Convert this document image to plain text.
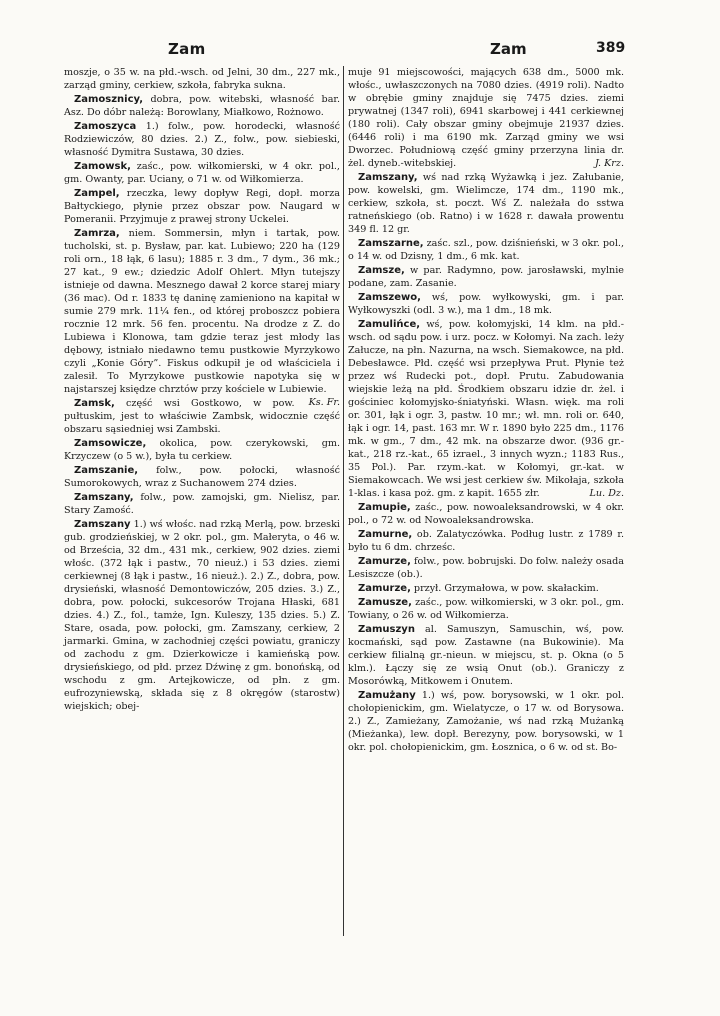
Zam	Zam	389

moszje, o 35 w. na płd.-wsch. od Jelni, 30 dm., 227 mk., zarząd gminy, cerkiew, szkoła, fabryka sukna.

Zamosznicy, dobra, pow. witebski, własność bar. Asz. Do dóbr należą: Borowlany, Miałkowo, Rożnowo.

Zamoszyca 1.) folw., pow. horodecki, własność Rodziewiczów, 80 dzies. 2.) Z., folw., pow. siebieski, własność Dymitra Sustawa, 30 dzies.

Zamowsk, zaśc., pow. wiłkomierski, w 4 okr. pol., gm. Owanty, par. Uciany, o 71 w. od Wiłkomierza.

Zampel, rzeczka, lewy dopływ Regi, dopł. morza Bałtyckiego, płynie przez obszar pow. Naugard w Pomeranii. Przyjmuje z prawej strony Uckelei.

Zamrza, niem. Sommersin, młyn i tartak, pow. tucholski, st. p. Bysław, par. kat. Lubiewo; 220 ha (129 roli orn., 18 łąk, 6 lasu); 1885 r. 3 dm., 7 dym., 36 mk.; 27 kat., 9 ew.; dziedzic Adolf Ohlert. Młyn tutejszy istnieje od dawna. Mesznego dawał 2 korce starej miary (36 mac). Od r. 1833 tę daninę zamieniono na kapitał w sumie 279 mrk. 11¼ fen., od której proboszcz pobiera rocznie 12 mrk. 56 fen. procentu. Na drodze z Z. do Lubiewa i Klonowa, tam gdzie teraz jest młody las dębowy, istniało niedawno temu pustkowie Myrzykowo czyli „Konie Góry”. Fiskus odkupił je od właściciela i zalesił. To Myrzykowe pustkowie napotyka się w najstarszej księdze chrztów przy kościele w Lubiewie.
Ks. Fr.

Zamsk, część wsi Gostkowo, w pow. pułtuskim, jest to właściwie Zambsk, widocznie część obszaru sąsiedniej wsi Zambski.

Zamsowicze, okolica, pow. czerykowski, gm. Krzyczew (o 5 w.), była tu cerkiew.

Zamszanie, folw., pow. połocki, własność Sumorokowych, wraz z Suchanowem 274 dzies.

Zamszany, folw., pow. zamojski, gm. Nielisz, par. Stary Zamość.

Zamszany 1.) wś włośc. nad rzką Merlą, pow. brzeski gub. grodzieńskiej, w 2 okr. pol., gm. Małeryta, o 46 w. od Brześcia, 32 dm., 431 mk., cerkiew, 902 dzies. ziemi włośc. (372 łąk i pastw., 70 nieuż.) i 53 dzies. ziemi cerkiewnej (8 łąk i pastw., 16 nieuż.). 2.) Z., dobra, pow. drysieński, własność Demontowiczów, 205 dzies. 3.) Z., dobra, pow. połocki, sukcesorów Trojana Hłaski, 681 dzies. 4.) Z., fol., tamże, Ign. Kuleszy, 135 dzies. 5.) Z. Stare, osada, pow. połocki, gm. Zamszany, cerkiew, 2 jarmarki. Gmina, w zachodniej części powiatu, graniczy od zachodu z gm. Dzierkowicze i kamieńską pow. drysieńskiego, od płd. przez Dźwinę z gm. bonońską, od wschodu z gm. Artejkowicze, od płn. z gm. eufrozyniewską, składa się z 8 okręgów (starostw) wiejskich; obej-

muje 91 miejscowości, mających 638 dm., 5000 mk. włośc., uwłaszczonych na 7080 dzies. (4919 roli). Nadto w obrębie gminy znajduje się 7475 dzies. ziemi prywatnej (1347 roli), 6941 skarbowej i 441 cerkiewnej (180 roli). Cały obszar gminy obejmuje 21937 dzies. (6446 roli) i ma 6190 mk. Zarząd gminy we wsi Dworzec. Południową część gminy przerzyna linia dr. żel. dyneb.-witebskiej.	J. Krz.

Zamszany, wś nad rzką Wyżawką i jez. Załubanie, pow. kowelski, gm. Wielimcze, 174 dm., 1190 mk., cerkiew, szkoła, st. poczt. Wś Z. należała do sstwa ratneńskiego (ob. Ratno) i w 1628 r. dawała prowentu 349 fl. 12 gr.

Zamszarne, zaśc. szl., pow. dziśnieński, w 3 okr. pol., o 14 w. od Dzisny, 1 dm., 6 mk. kat.

Zamsze, w par. Radymno, pow. jarosławski, mylnie podane, zam. Zasanie.

Zamszewo, wś, pow. wyłkowyski, gm. i par. Wyłkowyszki (odl. 3 w.), ma 1 dm., 18 mk.

Zamulińce, wś, pow. kołomyjski, 14 klm. na płd.-wsch. od sądu pow. i urz. pocz. w Kołomyi. Na zach. leży Załucze, na płn. Nazurna, na wsch. Siemakowce, na płd. Debesławce. Płd. część wsi przepływa Prut. Płynie też przez wś Rudecki pot., dopł. Prutu. Zabudowania wiejskie leżą na płd. Środkiem obszaru idzie dr. żel. i gościniec kołomyjsko-śniatyński. Własn. więk. ma roli or. 301, łąk i ogr. 3, pastw. 10 mr.; wł. mn. roli or. 640, łąk i ogr. 14, past. 163 mr. W r. 1890 było 225 dm., 1176 mk. w gm., 7 dm., 42 mk. na obszarze dwor. (936 gr.-kat., 218 rz.-kat., 65 izrael., 3 innych wyzn.; 1183 Rus., 35 Pol.). Par. rzym.-kat. w Kołomyi, gr.-kat. w Siemakowcach. We wsi jest cerkiew św. Mikołaja, szkoła 1-klas. i kasa poż. gm. z kapit. 1655 złr.	Lu. Dz.

Zamupie, zaśc., pow. nowoaleksandrowski, w 4 okr. pol., o 72 w. od Nowoaleksandrowska.

Zamurne, ob. Zalatyczówka. Podług lustr. z 1789 r. było tu 6 dm. chrześc.

Zamurze, folw., pow. bobrujski. Do folw. należy osada Lesiszcze (ob.).

Zamurze, przył. Grzymałowa, w pow. skałackim.

Zamusze, zaśc., pow. wiłkomierski, w 3 okr. pol., gm. Towiany, o 26 w. od Wiłkomierza.

Zamuszyn al. Samuszyn, Samuschin, wś, pow. kocmański, sąd pow. Zastawne (na Bukowinie). Ma cerkiew filialną gr.-nieun. w miejscu, st. p. Okna (o 5 klm.). Łączy się ze wsią Onut (ob.). Graniczy z Mosorówką, Mitkowem i Onutem.

Zamużany 1.) wś, pow. borysowski, w 1 okr. pol. chołopienickim, gm. Wielatycze, o 17 w. od Borysowa. 2.) Z., Zamieżany, Zamożanie, wś nad rzką Mużanką (Mieżanka), lew. dopł. Berezyny, pow. borysowski, w 1 okr. pol. chołopienickim, gm. Łosznica, o 6 w. od st. Bo-
